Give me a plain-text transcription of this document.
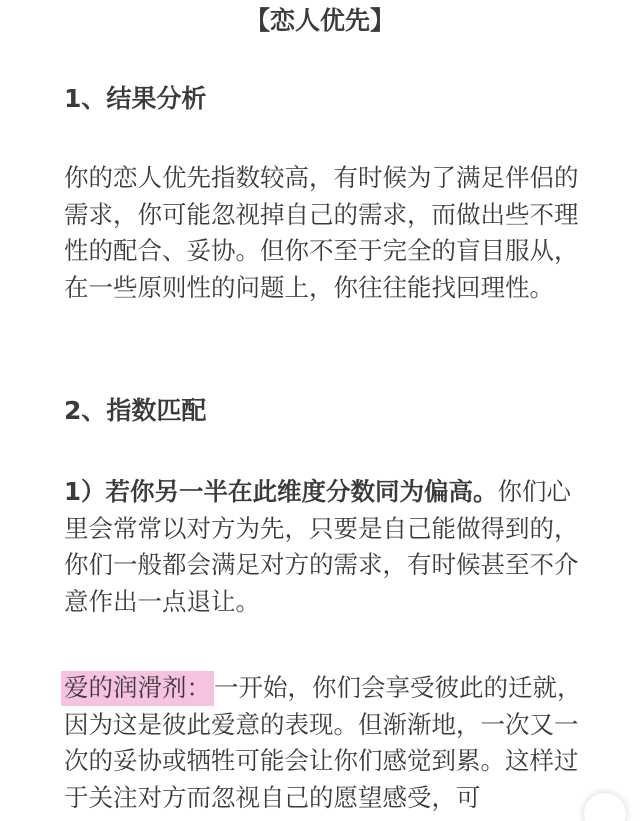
【恋人优先】
1、结果分析

你的恋人优先指数较高，有时候为了满足伴侣的需求，你可能忽视掉自己的需求，而做出些不理性的配合、妥协。但你不至于完全的盲目服从，在一些原则性的问题上，你往往能找回理性。

2、指数匹配

1）若你另一半在此维度分数同为偏高。你们心里会常常以对方为先，只要是自己能做得到的，你们一般都会满足对方的需求，有时候甚至不介意作出一点退让。

爱的润滑剂： 一开始，你们会享受彼此的迁就，因为这是彼此爱意的表现。但渐渐地，一次又一次的妥协或牺牲可能会让你们感觉到累。这样过于关注对方而忽视自己的愿望感受，可
